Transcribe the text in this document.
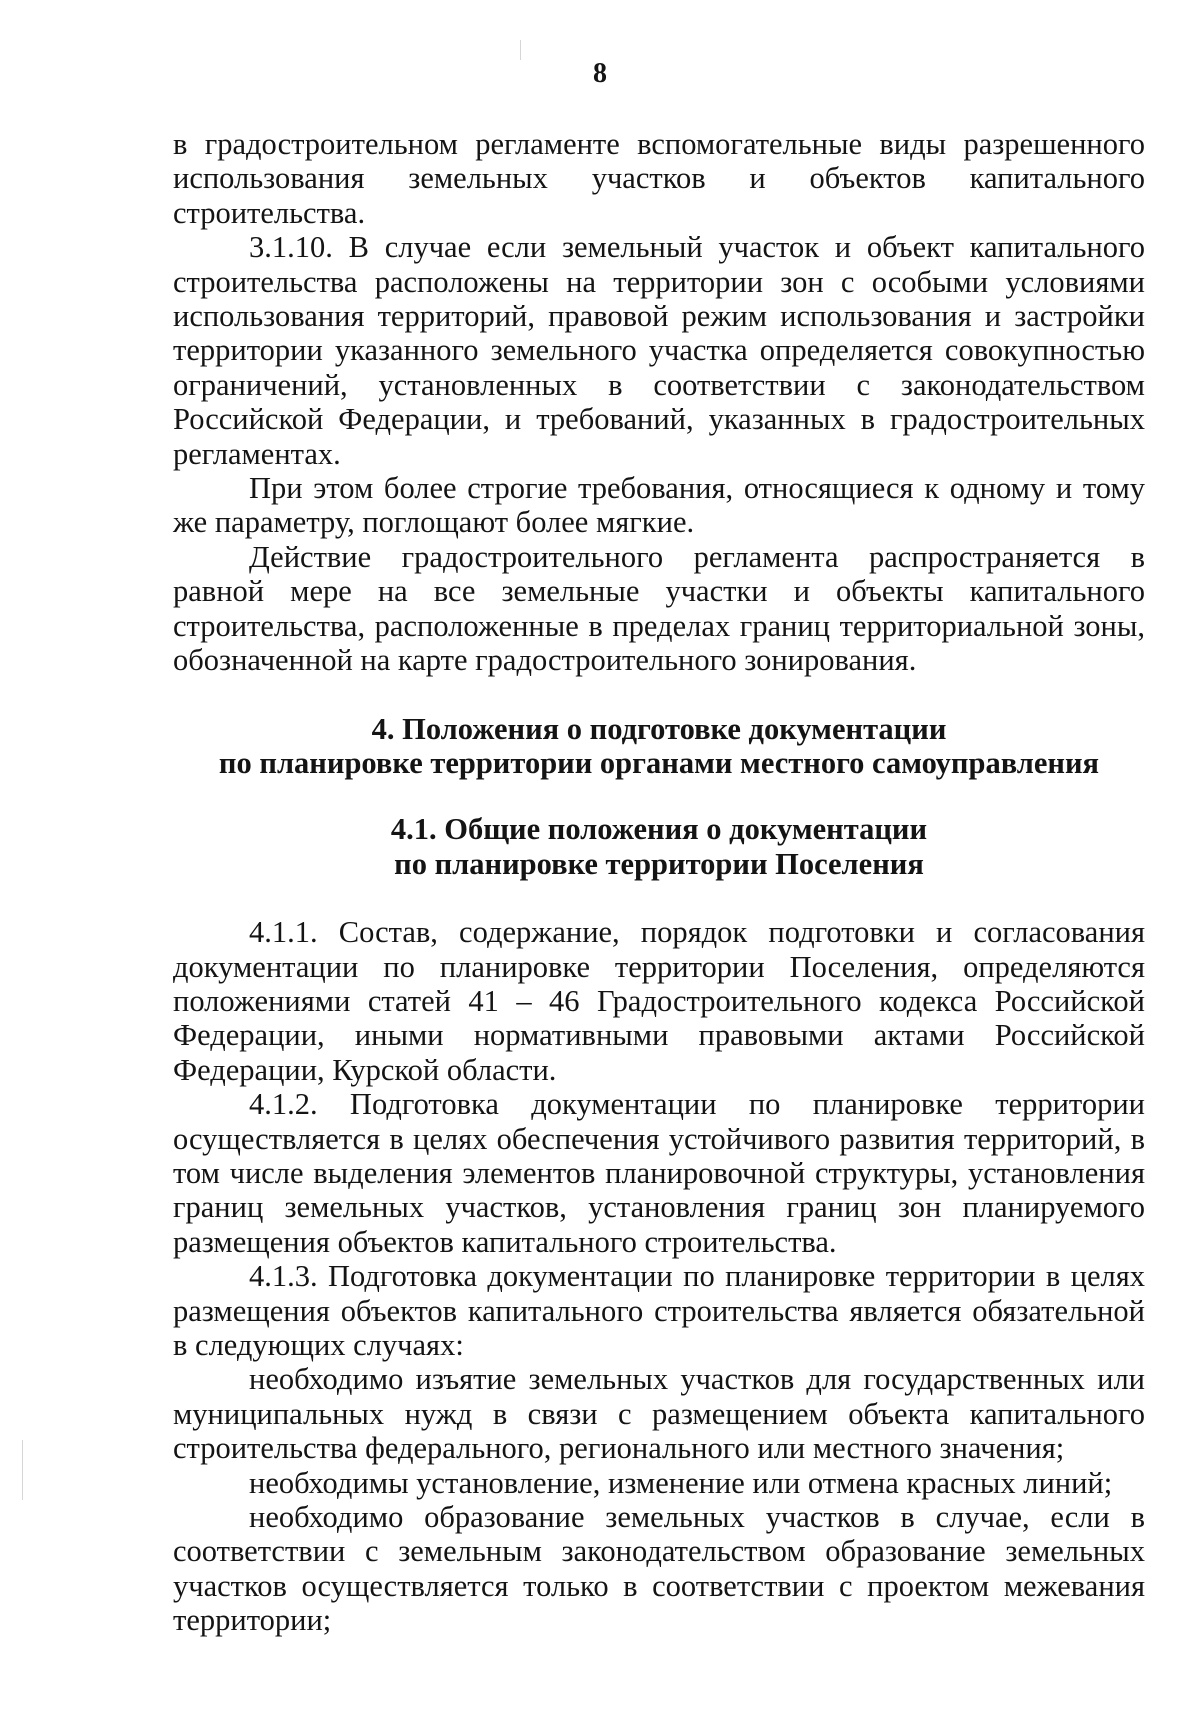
8

в градостроительном регламенте вспомогательные виды разрешенного использования земельных участков и объектов капитального строительства.

3.1.10. В случае если земельный участок и объект капитального строительства расположены на территории зон с особыми условиями использования территорий, правовой режим использования и застройки территории указанного земельного участка определяется совокупностью ограничений, установленных в соответствии с законодательством Российской Федерации, и требований, указанных в градостроительных регламентах.

При этом более строгие требования, относящиеся к одному и тому же параметру, поглощают более мягкие.

Действие градостроительного регламента распространяется в равной мере на все земельные участки и объекты капитального строительства, расположенные в пределах границ территориальной зоны, обозначенной на карте градостроительного зонирования.

4. Положения о подготовке документации
по планировке территории органами местного самоуправления
4.1. Общие положения о документации
по планировке территории Поселения

4.1.1. Состав, содержание, порядок подготовки и согласования документации по планировке территории Поселения, определяются положениями статей 41 – 46 Градостроительного кодекса Российской Федерации, иными нормативными правовыми актами Российской Федерации, Курской области.

4.1.2. Подготовка документации по планировке территории осуществляется в целях обеспечения устойчивого развития территорий, в том числе выделения элементов планировочной структуры, установления границ земельных участков, установления границ зон планируемого размещения объектов капитального строительства.

4.1.3. Подготовка документации по планировке территории в целях размещения объектов капитального строительства является обязательной в следующих случаях:

необходимо изъятие земельных участков для государственных или муниципальных нужд в связи с размещением объекта капитального строительства федерального, регионального или местного значения;

необходимы установление, изменение или отмена красных линий;

необходимо образование земельных участков в случае, если в соответствии с земельным законодательством образование земельных участков осуществляется только в соответствии с проектом межевания территории;
